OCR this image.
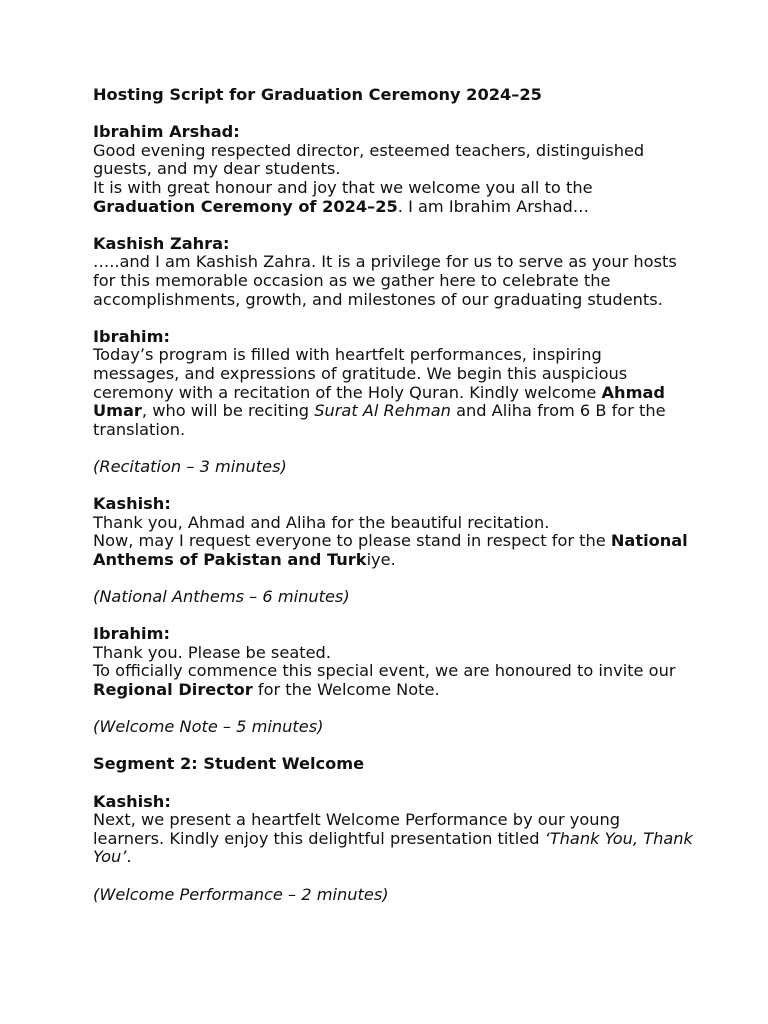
Hosting Script for Graduation Ceremony 2024–25

Ibrahim Arshad:

Good evening respected director, esteemed teachers, distinguished guests, and my dear students.

It is with great honour and joy that we welcome you all to the Graduation Ceremony of 2024–25. I am Ibrahim Arshad…

Kashish Zahra:

…..and I am Kashish Zahra. It is a privilege for us to serve as your hosts for this memorable occasion as we gather here to celebrate the accomplishments, growth, and milestones of our graduating students.

Ibrahim:

Today’s program is filled with heartfelt performances, inspiring messages, and expressions of gratitude. We begin this auspicious ceremony with a recitation of the Holy Quran. Kindly welcome Ahmad Umar, who will be reciting Surat Al Rehman and Aliha from 6 B for the translation.

(Recitation – 3 minutes)

Kashish:

Thank you, Ahmad and Aliha for the beautiful recitation.

Now, may I request everyone to please stand in respect for the National Anthems of Pakistan and Turkiye.

(National Anthems – 6 minutes)

Ibrahim:

Thank you. Please be seated.

To officially commence this special event, we are honoured to invite our Regional Director for the Welcome Note.

(Welcome Note – 5 minutes)

Segment 2: Student Welcome

Kashish:

Next, we present a heartfelt Welcome Performance by our young learners. Kindly enjoy this delightful presentation titled ‘Thank You, Thank You’.

(Welcome Performance – 2 minutes)
